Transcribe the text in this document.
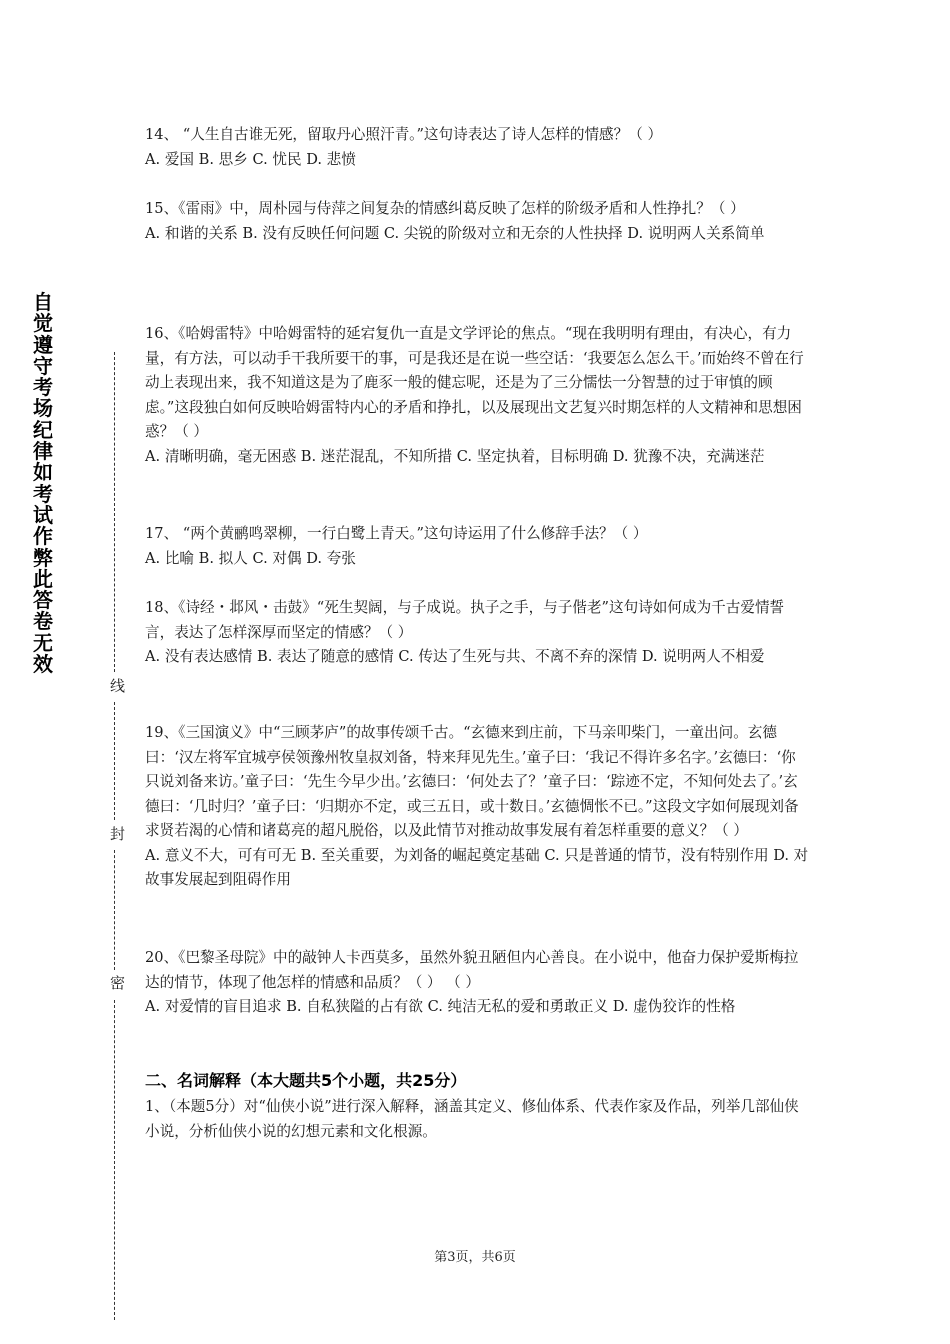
自觉遵守考场纪律如考试作弊此答卷无效
线
封
密

14、 “人生自古谁无死，留取丹心照汗青。”这句诗表达了诗人怎样的情感？（ ）

A. 爱国 B. 思乡 C. 忧民 D. 悲愤

15、《雷雨》中，周朴园与侍萍之间复杂的情感纠葛反映了怎样的阶级矛盾和人性挣扎？（ ）

A. 和谐的关系 B. 没有反映任何问题 C. 尖锐的阶级对立和无奈的人性抉择 D. 说明两人关系简单

16、《哈姆雷特》中哈姆雷特的延宕复仇一直是文学评论的焦点。“现在我明明有理由，有决心，有力量，有方法，可以动手干我所要干的事，可是我还是在说一些空话：‘我要怎么怎么干。’而始终不曾在行动上表现出来，我不知道这是为了鹿豕一般的健忘呢，还是为了三分懦怯一分智慧的过于审慎的顾虑。”这段独白如何反映哈姆雷特内心的矛盾和挣扎，以及展现出文艺复兴时期怎样的人文精神和思想困惑？（ ）

A. 清晰明确，毫无困惑 B. 迷茫混乱，不知所措 C. 坚定执着，目标明确 D. 犹豫不决，充满迷茫

17、 “两个黄鹂鸣翠柳，一行白鹭上青天。”这句诗运用了什么修辞手法？（ ）

A. 比喻 B. 拟人 C. 对偶 D. 夸张

18、《诗经・邶风・击鼓》“死生契阔，与子成说。执子之手，与子偕老”这句诗如何成为千古爱情誓言，表达了怎样深厚而坚定的情感？（ ）

A. 没有表达感情 B. 表达了随意的感情 C. 传达了生死与共、不离不弃的深情 D. 说明两人不相爱

19、《三国演义》中“三顾茅庐”的故事传颂千古。“玄德来到庄前，下马亲叩柴门，一童出问。玄德曰：‘汉左将军宜城亭侯领豫州牧皇叔刘备，特来拜见先生。’童子曰：‘我记不得许多名字。’玄德曰：‘你只说刘备来访。’童子曰：‘先生今早少出。’玄德曰：‘何处去了？’童子曰：‘踪迹不定，不知何处去了。’玄德曰：‘几时归？’童子曰：‘归期亦不定，或三五日，或十数日。’玄德惆怅不已。”这段文字如何展现刘备求贤若渴的心情和诸葛亮的超凡脱俗，以及此情节对推动故事发展有着怎样重要的意义？（ ）

A. 意义不大，可有可无 B. 至关重要，为刘备的崛起奠定基础 C. 只是普通的情节，没有特别作用 D. 对故事发展起到阻碍作用

20、《巴黎圣母院》中的敲钟人卡西莫多，虽然外貌丑陋但内心善良。在小说中，他奋力保护爱斯梅拉达的情节，体现了他怎样的情感和品质？（ ） （ ）

A. 对爱情的盲目追求 B. 自私狭隘的占有欲 C. 纯洁无私的爱和勇敢正义 D. 虚伪狡诈的性格

二、名词解释（本大题共5个小题，共25分）

1、（本题5分）对“仙侠小说”进行深入解释，涵盖其定义、修仙体系、代表作家及作品，列举几部仙侠小说，分析仙侠小说的幻想元素和文化根源。

第3页，共6页
